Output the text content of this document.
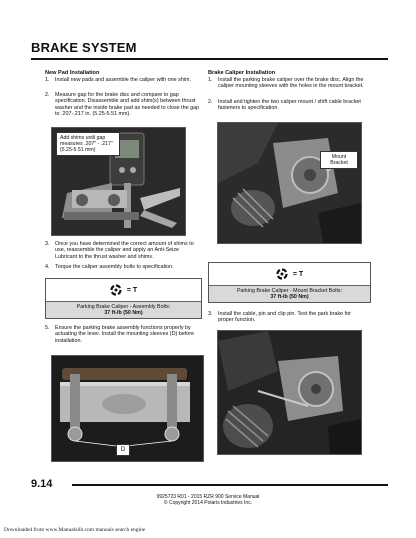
BRAKE SYSTEM
New Pad Installation
1. Install new pads and assemble the caliper with one shim.
2. Measure gap for the brake disc and compare to gap specification. Disassemble and add shim(s) between thrust washer and the inside brake pad as needed to close the gap to .207-.217 in. (5.25-5.51 mm).
Add shims until gap measures .207" - .217" (5.25-5.51 mm)
3. Once you have determined the correct amount of shims to use, reassemble the caliper and apply an Anti-Seize Lubricant to the thrust washer and shims.
4. Torque the caliper assembly bolts to specification.
= T
Parking Brake Caliper - Assembly Bolts:
37 ft-lb (50 Nm)
5. Ensure the parking brake assembly functions properly by actuating the lever. Install the mounting sleeves (D) before installation.
D
Brake Caliper Installation
1. Install the parking brake caliper over the brake disc. Align the caliper mounting sleeves with the holes in the mount bracket.
2. Install and tighten the two caliper mount / shift cable bracket fasteners to specification.
Mount Bracket
= T
Parking Brake Caliper - Mount Bracket Bolts:
37 ft-lb (50 Nm)
3. Install the cable, pin and clip pin. Test the park brake for proper function.
9.14
9925723 R01 - 2015 RZR 900 Service Manual
© Copyright 2014 Polaris Industries Inc.
Downloaded from www.Manualslib.com manuals search engine
